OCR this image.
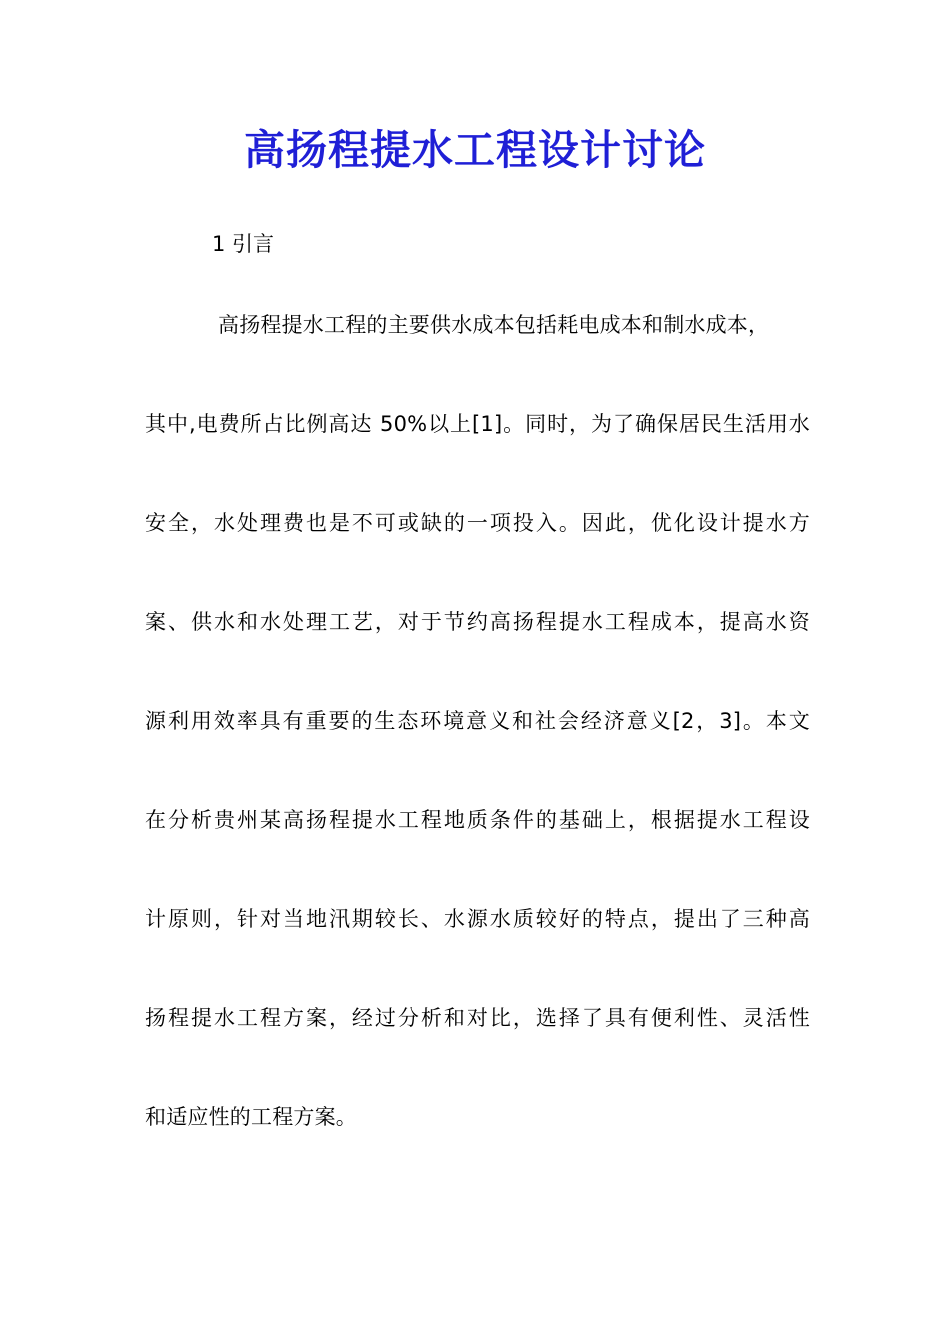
高扬程提水工程设计讨论

1 引言

高扬程提水工程的主要供水成本包括耗电成本和制水成本，

其中,电费所占比例高达 50%以上[1]。同时，为了确保居民生活用水

安全，水处理费也是不可或缺的一项投入。因此，优化设计提水方

案、供水和水处理工艺，对于节约高扬程提水工程成本，提高水资

源利用效率具有重要的生态环境意义和社会经济意义[2，3]。本文

在分析贵州某高扬程提水工程地质条件的基础上，根据提水工程设

计原则，针对当地汛期较长、水源水质较好的特点，提出了三种高

扬程提水工程方案，经过分析和对比，选择了具有便利性、灵活性

和适应性的工程方案。
